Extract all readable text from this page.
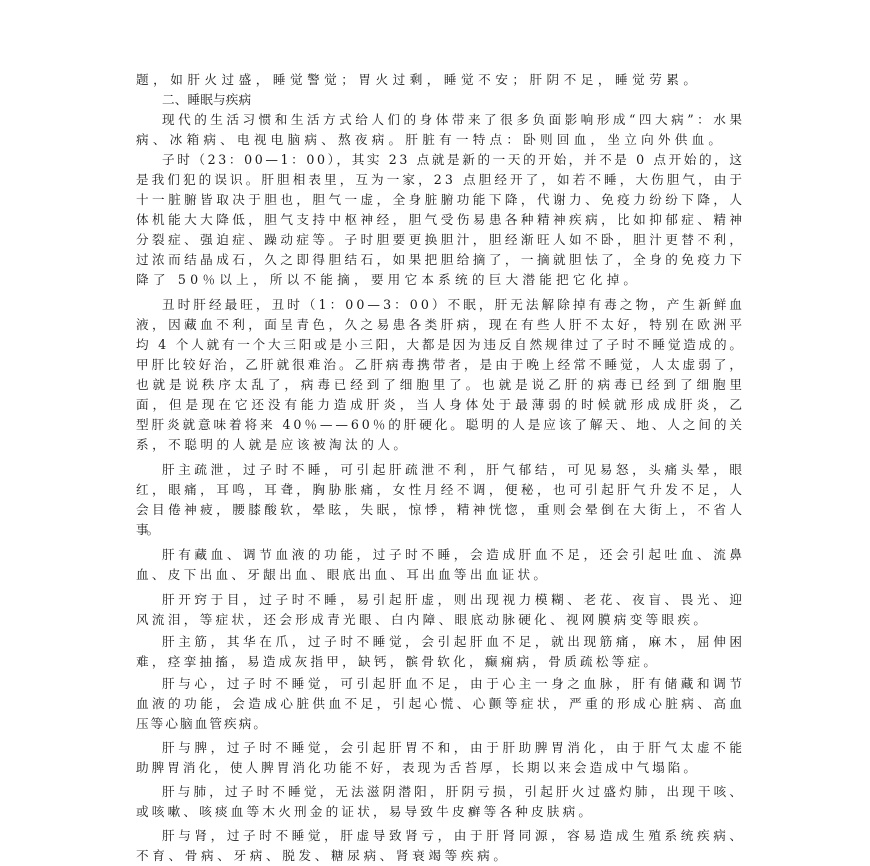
题，如肝火过盛，睡觉警觉；胃火过剩，睡觉不安；肝阴不足，睡觉劳累。
二、睡眠与疾病
现代的生活习惯和生活方式给人们的身体带来了很多负面影响形成“四大病”：水果
病、冰箱病、电视电脑病、熬夜病。肝脏有一特点：卧则回血，坐立向外供血。
子时（23：00—1：00），其实 23 点就是新的一天的开始，并不是 0 点开始的，这
是我们犯的误识。肝胆相表里，互为一家，23 点胆经开了，如若不睡，大伤胆气，由于
十一脏腑皆取决于胆也，胆气一虚，全身脏腑功能下降，代谢力、免疫力纷纷下降，人
体机能大大降低，胆气支持中枢神经，胆气受伤易患各种精神疾病，比如抑郁症、精神
分裂症、强迫症、躁动症等。子时胆要更换胆汁，胆经渐旺人如不卧，胆汁更替不利，
过浓而结晶成石，久之即得胆结石，如果把胆给摘了，一摘就胆怯了，全身的免疫力下
降了 50％以上，所以不能摘，要用它本系统的巨大潜能把它化掉。
丑时肝经最旺，丑时（1：00—3：00）不眠，肝无法解除掉有毒之物，产生新鲜血
液，因藏血不利，面呈青色，久之易患各类肝病，现在有些人肝不太好，特别在欧洲平
均 4 个人就有一个大三阳或是小三阳，大都是因为违反自然规律过了子时不睡觉造成的。
甲肝比较好治，乙肝就很难治。乙肝病毒携带者，是由于晚上经常不睡觉，人太虚弱了，
也就是说秩序太乱了，病毒已经到了细胞里了。也就是说乙肝的病毒已经到了细胞里
面，但是现在它还没有能力造成肝炎，当人身体处于最薄弱的时候就形成成肝炎，乙
型肝炎就意味着将来 40％——60％的肝硬化。聪明的人是应该了解天、地、人之间的关
系，不聪明的人就是应该被淘汰的人。
肝主疏泄，过子时不睡，可引起肝疏泄不利，肝气郁结，可见易怒，头痛头晕，眼
红，眼痛，耳鸣，耳聋，胸胁胀痛，女性月经不调，便秘，也可引起肝气升发不足，人
会目倦神疲，腰膝酸软，晕眩，失眠，惊悸，精神恍惚，重则会晕倒在大街上，不省人
事。
肝有藏血、调节血液的功能，过子时不睡，会造成肝血不足，还会引起吐血、流鼻
血、皮下出血、牙龈出血、眼底出血、耳出血等出血证状。
肝开窍于目，过子时不睡，易引起肝虚，则出现视力模糊、老花、夜盲、畏光、迎
风流泪，等症状，还会形成青光眼、白内障、眼底动脉硬化、视网膜病变等眼疾。
肝主筋，其华在爪，过子时不睡觉，会引起肝血不足，就出现筋痛，麻木，屈伸困
难，痉挛抽搐，易造成灰指甲，缺钙，髌骨软化，癫痫病，骨质疏松等症。
肝与心，过子时不睡觉，可引起肝血不足，由于心主一身之血脉，肝有储藏和调节
血液的功能，会造成心脏供血不足，引起心慌、心颤等症状，严重的形成心脏病、高血
压等心脑血管疾病。
肝与脾，过子时不睡觉，会引起肝胃不和，由于肝助脾胃消化，由于肝气太虚不能
助脾胃消化，使人脾胃消化功能不好，表现为舌苔厚，长期以来会造成中气塌陷。
肝与肺，过子时不睡觉，无法滋阴潜阳，肝阴亏损，引起肝火过盛灼肺，出现干咳、
或咳嗽、咳痰血等木火刑金的证状，易导致牛皮癣等各种皮肤病。
肝与肾，过子时不睡觉，肝虚导致肾亏，由于肝肾同源，容易造成生殖系统疾病、
不育、骨病、牙病、脱发、糖尿病、肾衰竭等疾病。
